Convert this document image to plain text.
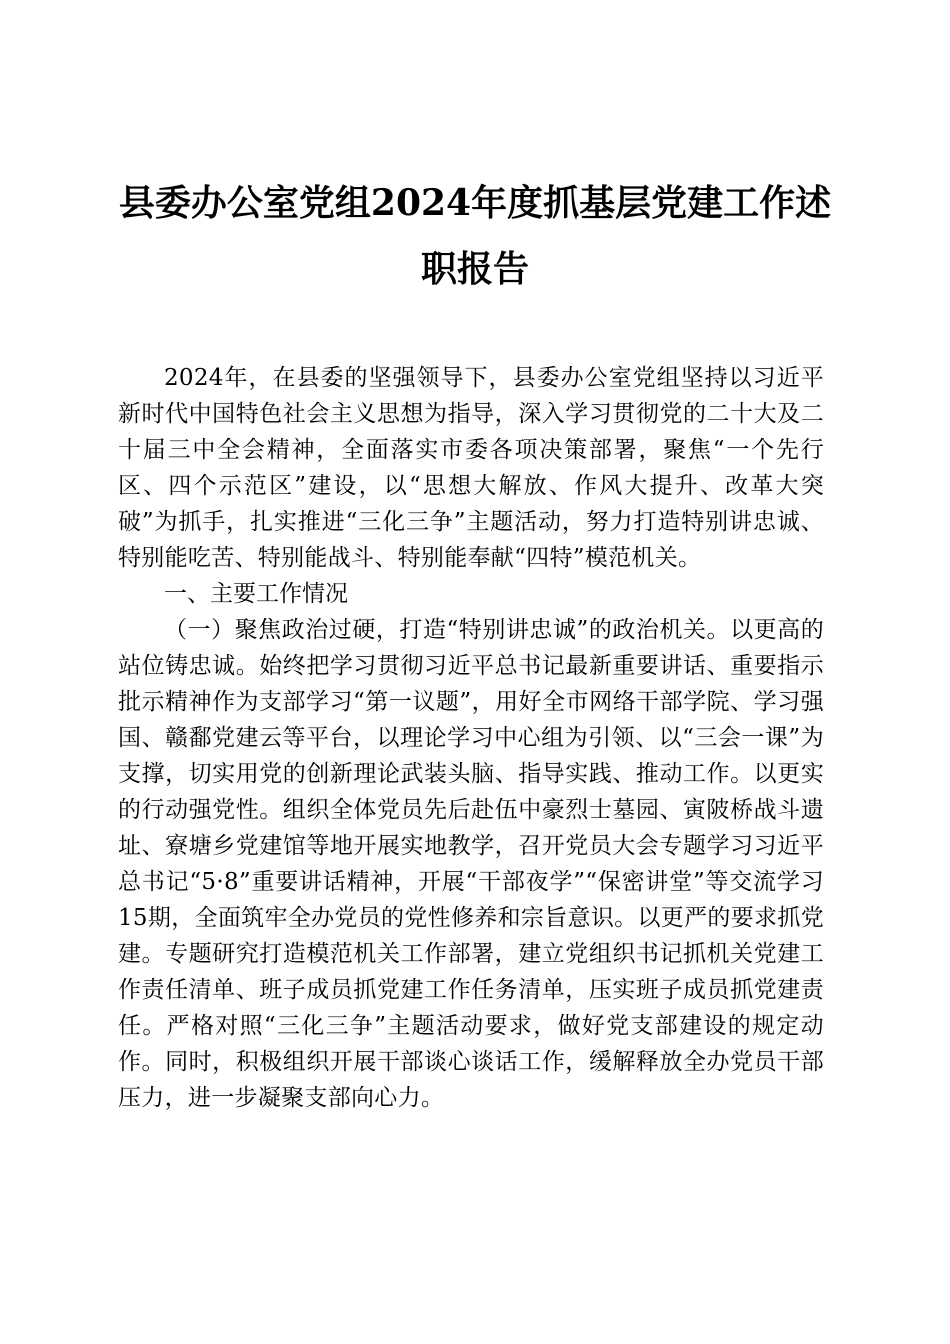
县委办公室党组2024年度抓基层党建工作述职报告

2024年，在县委的坚强领导下，县委办公室党组坚持以习近平新时代中国特色社会主义思想为指导，深入学习贯彻党的二十大及二十届三中全会精神，全面落实市委各项决策部署，聚焦“一个先行区、四个示范区”建设，以“思想大解放、作风大提升、改革大突破”为抓手，扎实推进“三化三争”主题活动，努力打造特别讲忠诚、特别能吃苦、特别能战斗、特别能奉献“四特”模范机关。

一、主要工作情况

（一）聚焦政治过硬，打造“特别讲忠诚”的政治机关。以更高的站位铸忠诚。始终把学习贯彻习近平总书记最新重要讲话、重要指示批示精神作为支部学习“第一议题”，用好全市网络干部学院、学习强国、赣鄱党建云等平台，以理论学习中心组为引领、以“三会一课”为支撑，切实用党的创新理论武装头脑、指导实践、推动工作。以更实的行动强党性。组织全体党员先后赴伍中豪烈士墓园、寅陂桥战斗遗址、寮塘乡党建馆等地开展实地教学，召开党员大会专题学习习近平总书记“5·8”重要讲话精神，开展“干部夜学”“保密讲堂”等交流学习15期，全面筑牢全办党员的党性修养和宗旨意识。以更严的要求抓党建。专题研究打造模范机关工作部署，建立党组织书记抓机关党建工作责任清单、班子成员抓党建工作任务清单，压实班子成员抓党建责任。严格对照“三化三争”主题活动要求，做好党支部建设的规定动作。同时，积极组织开展干部谈心谈话工作，缓解释放全办党员干部压力，进一步凝聚支部向心力。
